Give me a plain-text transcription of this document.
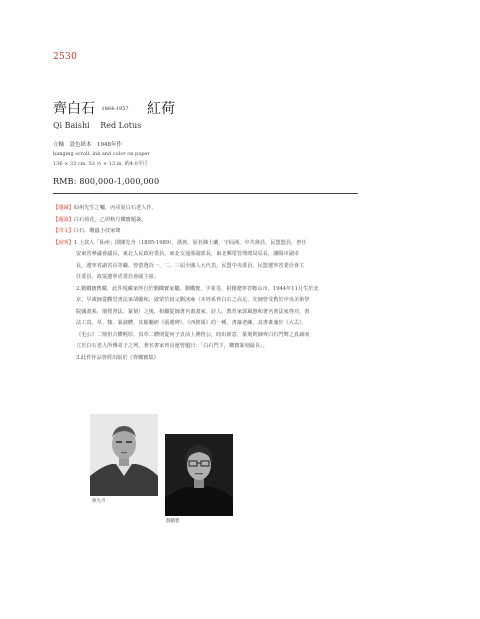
2530
齊白石 1864-1957 紅荷
Qi Baishi Red Lotus
立軸　設色紙本　1948年作
hanging scroll, ink and color on paper
136 × 33 cm. 53 ½ × 13 in. 約4.0平尺
RMB: 800,000-1,000,000
【題識】仙州先生之囑，丙戌夏白石老人作。
【題簽】白石荷花，乙卯秋月鐵寶題簽。
【印文】白石、雕蟲小技家聲
【說明】1.上款人「仙州」即陳先舟（1895-1989），漢族，原名陳士蘭，字仙洲，中共黨員，民盟盟員，曾任
安東省參議會議長，東北人民政府委員，東北交通部副部長，東北郵電管理總局局長，瀋陽市副市
長，遼寧省副省長等職。曾當選為一、二、三屆全國人大代表，民盟中央委員，民盟遼寧省委員會主
任委員，政協遼寧省委員會副主席。
2.劉鐵寶舊藏，此件現藏家得自於劉鐵寶家屬。劉鐵寶，字希荃，祖籍遼寧省鞍山市，1944年11月生於北
京，早歲師從觀堂書法家胡勵和，啟蒙於叔父劉冰庵（本姓系齊白石之高足，先師曾受教於中央美術學
院國畫系，擅授書法、篆刻）之後，相繼從師著名畫畫家、詩人、教育家郭風惠和著名書法家啓功，書
法工真、草、隸、篆諸體，其餘屬研《張遷碑》、《西狹頌》的一種，書凜老練，其書畫兼於《大盂》、
《毛公》二鼎但古體輕厚，真草二體則從何子貞前上溯魯公，時出新意，篆刻則師齊白石門牌之真諦而
立於白石老人所傳弟子之列，著名書家齊良遲曾題曰：「白石門下，鐵寶篆刻最長」。
3.此件作品曾經出版於《齊鐵寶集》
陳先舟
劉鐵寶
